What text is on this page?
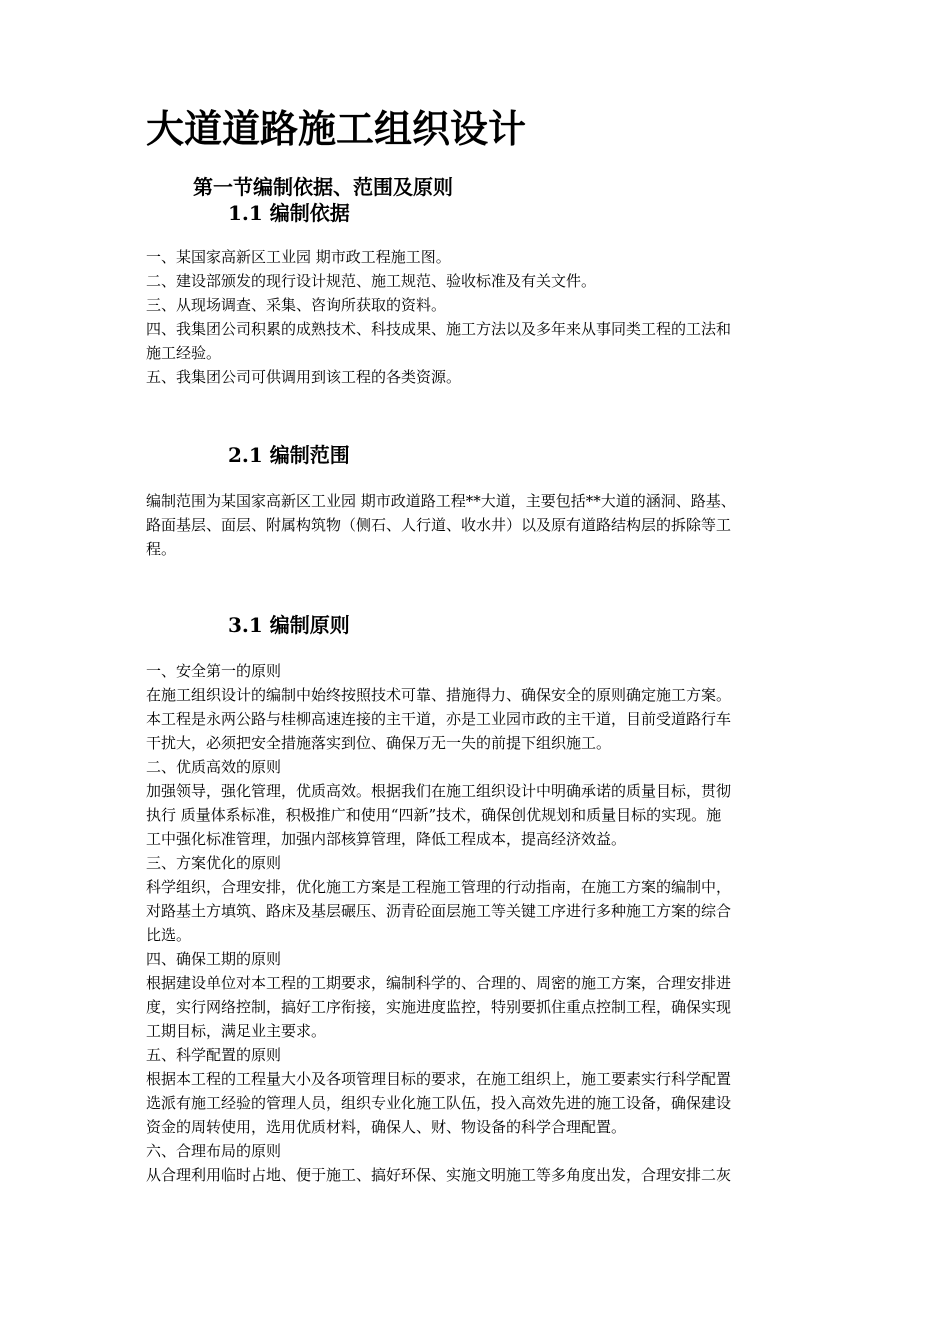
大道道路施工组织设计
第一节编制依据、范围及原则
1.1 编制依据
一、某国家高新区工业园 期市政工程施工图。
二、建设部颁发的现行设计规范、施工规范、验收标准及有关文件。
三、从现场调查、采集、咨询所获取的资料。
四、我集团公司积累的成熟技术、科技成果、施工方法以及多年来从事同类工程的工法和
施工经验。
五、我集团公司可供调用到该工程的各类资源。
2.1 编制范围
编制范围为某国家高新区工业园 期市政道路工程**大道，主要包括**大道的涵洞、路基、
路面基层、面层、附属构筑物（侧石、人行道、收水井）以及原有道路结构层的拆除等工
程。
3.1 编制原则
一、安全第一的原则
在施工组织设计的编制中始终按照技术可靠、措施得力、确保安全的原则确定施工方案。
本工程是永两公路与桂柳高速连接的主干道，亦是工业园市政的主干道，目前受道路行车
干扰大，必须把安全措施落实到位、确保万无一失的前提下组织施工。
二、优质高效的原则
加强领导，强化管理，优质高效。根据我们在施工组织设计中明确承诺的质量目标，贯彻
执行 质量体系标准，积极推广和使用“四新”技术，确保创优规划和质量目标的实现。施
工中强化标准管理，加强内部核算管理，降低工程成本，提高经济效益。
三、方案优化的原则
科学组织，合理安排，优化施工方案是工程施工管理的行动指南，在施工方案的编制中，
对路基土方填筑、路床及基层碾压、沥青砼面层施工等关键工序进行多种施工方案的综合
比选。
四、确保工期的原则
根据建设单位对本工程的工期要求，编制科学的、合理的、周密的施工方案，合理安排进
度，实行网络控制，搞好工序衔接，实施进度监控，特别要抓住重点控制工程，确保实现
工期目标，满足业主要求。
五、科学配置的原则
根据本工程的工程量大小及各项管理目标的要求，在施工组织上，施工要素实行科学配置
选派有施工经验的管理人员，组织专业化施工队伍，投入高效先进的施工设备，确保建设
资金的周转使用，选用优质材料，确保人、财、物设备的科学合理配置。
六、合理布局的原则
从合理利用临时占地、便于施工、搞好环保、实施文明施工等多角度出发，合理安排二灰
